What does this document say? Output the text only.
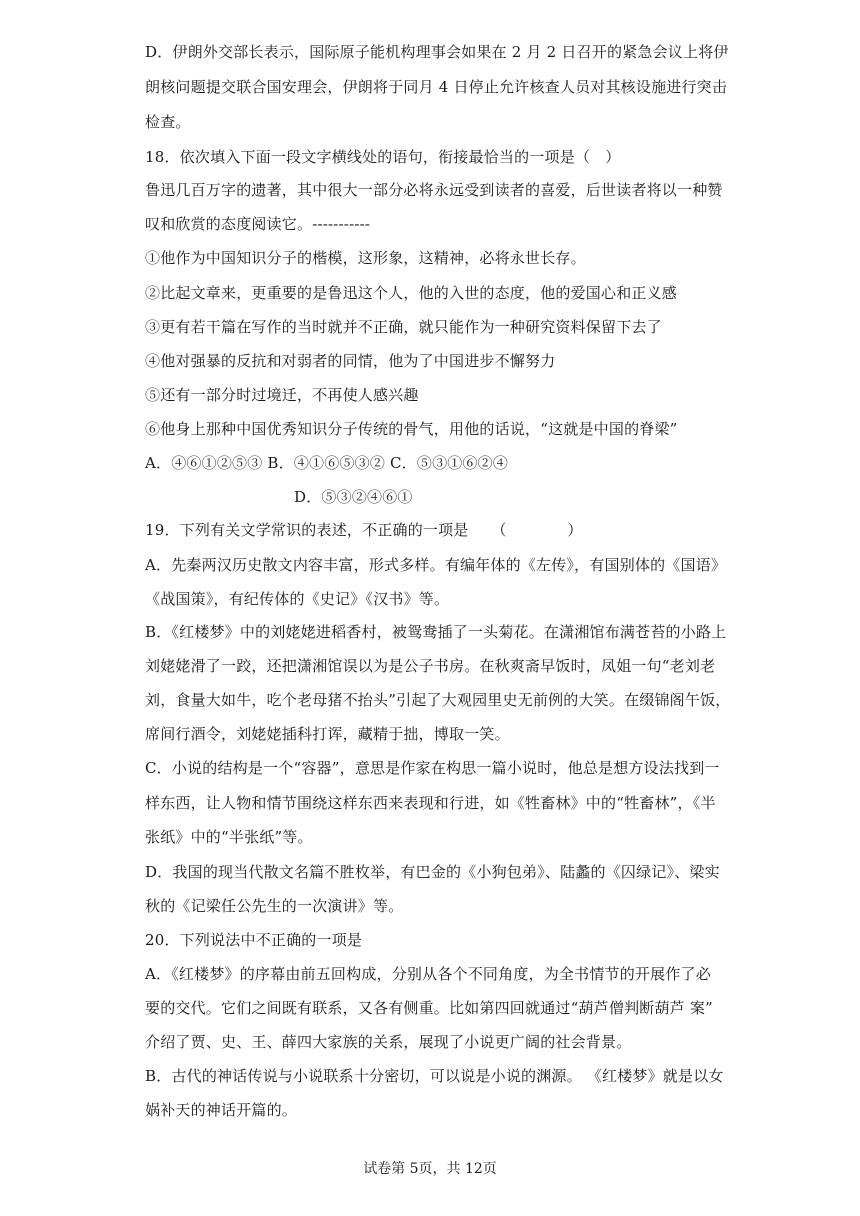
D．伊朗外交部长表示，国际原子能机构理事会如果在 2 月 2 日召开的紧急会议上将伊
朗核问题提交联合国安理会，伊朗将于同月 4 日停止允许核查人员对其核设施进行突击
检查。
18．依次填入下面一段文字横线处的语句，衔接最恰当的一项是（　）
鲁迅几百万字的遗著，其中很大一部分必将永远受到读者的喜爱，后世读者将以一种赞
叹和欣赏的态度阅读它。-----------
①他作为中国知识分子的楷模，这形象，这精神，必将永世长存。
②比起文章来，更重要的是鲁迅这个人，他的入世的态度，他的爱国心和正义感
③更有若干篇在写作的当时就并不正确，就只能作为一种研究资料保留下去了
④他对强暴的反抗和对弱者的同情，他为了中国进步不懈努力
⑤还有一部分时过境迁，不再使人感兴趣
⑥他身上那种中国优秀知识分子传统的骨气，用他的话说，“这就是中国的脊梁”
A．④⑥①②⑤③ B．④①⑥⑤③② C．⑤③①⑥②④
D．⑤③②④⑥①
19．下列有关文学常识的表述，不正确的一项是　　（　　　　）
A．先秦两汉历史散文内容丰富，形式多样。有编年体的《左传》，有国别体的《国语》
《战国策》，有纪传体的《史记》《汉书》等。
B．《红楼梦》中的刘姥姥进稻香村，被鸳鸯插了一头菊花。在潇湘馆布满苍苔的小路上
刘姥姥滑了一跤，还把潇湘馆误以为是公子书房。在秋爽斋早饭时，凤姐一句“老刘老
刘，食量大如牛，吃个老母猪不抬头”引起了大观园里史无前例的大笑。在缀锦阁午饭，
席间行酒令，刘姥姥插科打诨，藏精于拙，博取一笑。
C．小说的结构是一个“容器”，意思是作家在构思一篇小说时，他总是想方设法找到一
样东西，让人物和情节围绕这样东西来表现和行进，如《牲畜林》中的“牲畜林”，《半
张纸》中的“半张纸”等。
D．我国的现当代散文名篇不胜枚举，有巴金的《小狗包弟》、陆蠡的《囚绿记》、梁实
秋的《记梁任公先生的一次演讲》等。
20．下列说法中不正确的一项是
A．《红楼梦》的序幕由前五回构成，分别从各个不同角度，为全书情节的开展作了必
要的交代。它们之间既有联系，又各有侧重。比如第四回就通过“葫芦僧判断葫芦 案”
介绍了贾、史、王、薛四大家族的关系，展现了小说更广阔的社会背景。
B．古代的神话传说与小说联系十分密切，可以说是小说的渊源。 《红楼梦》就是以女
娲补天的神话开篇的。
试卷第 5页，共 12页
